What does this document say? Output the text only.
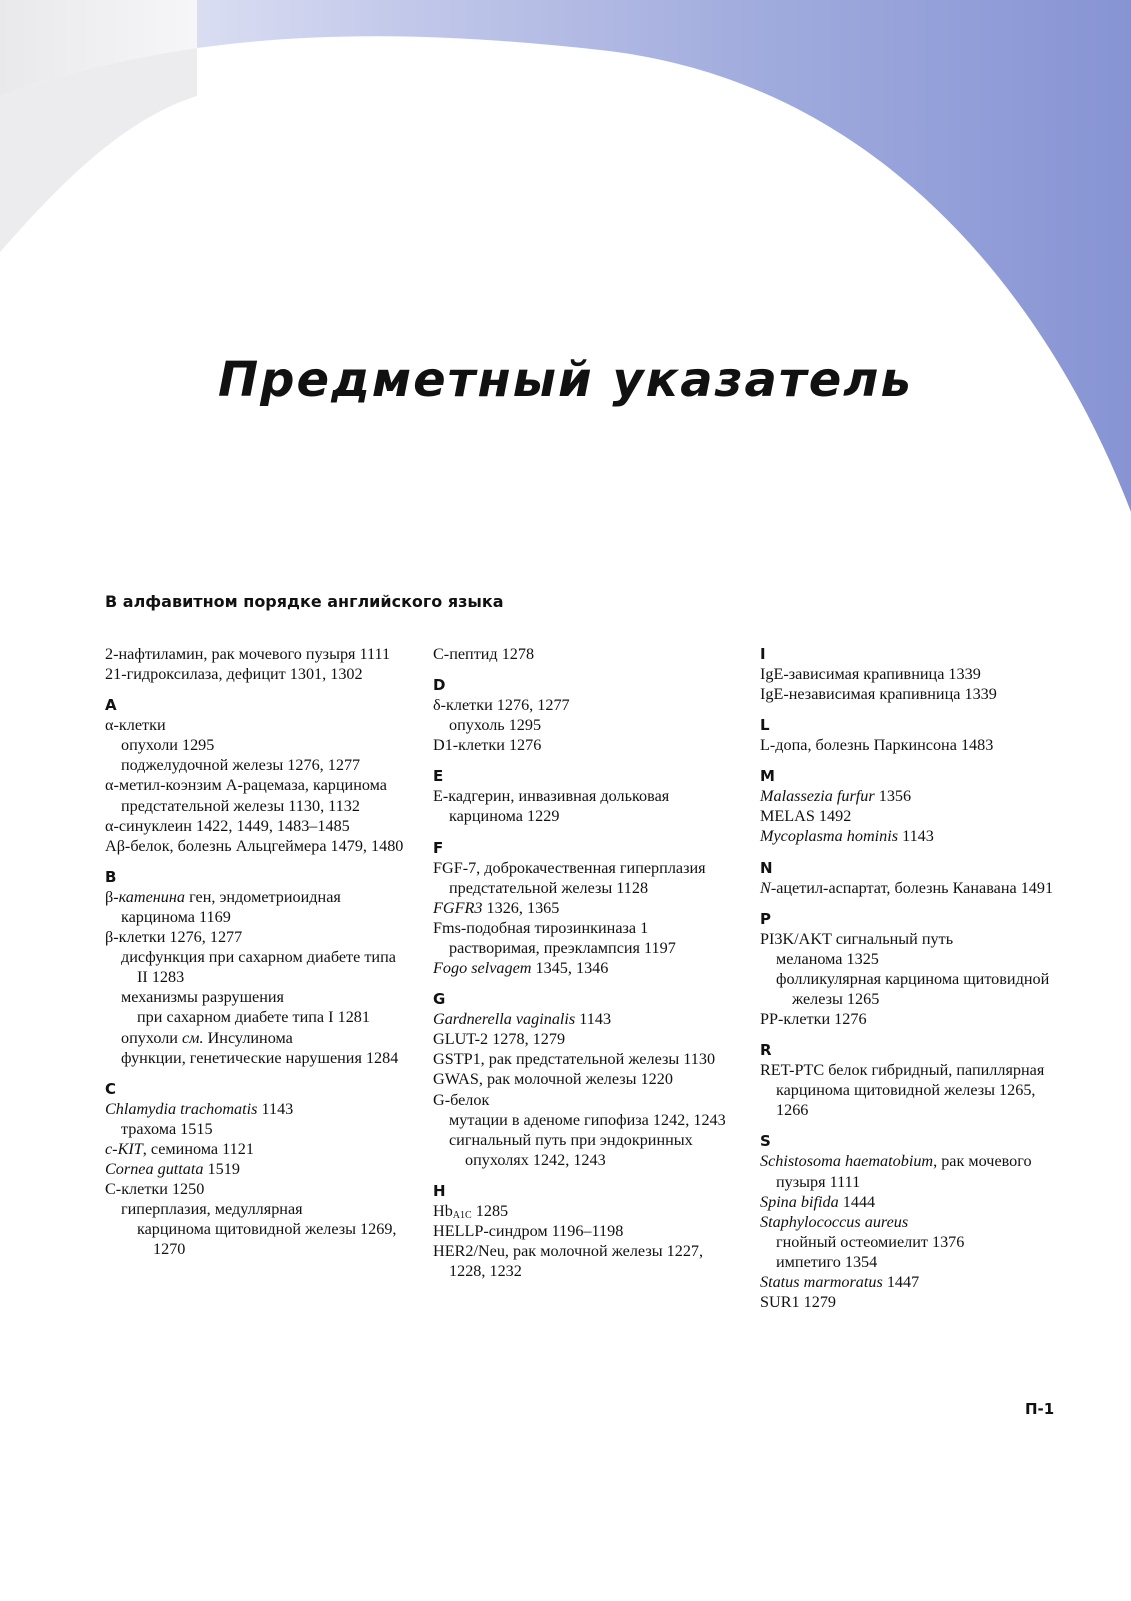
Предметный указатель
В алфавитном порядке английского языка
2-нафтиламин, рак мочевого пузыря 1111
21-гидроксилаза, дефицит 1301, 1302
A
α-клетки
опухоли 1295
поджелудочной железы 1276, 1277
α-метил-коэнзим А-рацемаза, карцинома предстательной железы 1130, 1132
α-синуклеин 1422, 1449, 1483–1485
Aβ-белок, болезнь Альцгеймера 1479, 1480
B
β-катенина ген, эндометриоидная карцинома 1169
β-клетки 1276, 1277
дисфункция при сахарном диабете типа II 1283
механизмы разрушения
при сахарном диабете типа I 1281
опухоли см. Инсулинома
функции, генетические нарушения 1284
C
Chlamydia trachomatis 1143
трахома 1515
c-KIT, семинома 1121
Cornea guttata 1519
C-клетки 1250
гиперплазия, медуллярная
карцинома щитовидной железы 1269, 1270
C-пептид 1278
D
δ-клетки 1276, 1277
опухоль 1295
D1-клетки 1276
E
Е-кадгерин, инвазивная дольковая карцинома 1229
F
FGF-7, доброкачественная гиперплазия предстательной железы 1128
FGFR3 1326, 1365
Fms-подобная тирозинкиназа 1 растворимая, преэклампсия 1197
Fogo selvagem 1345, 1346
G
Gardnerella vaginalis 1143
GLUT-2 1278, 1279
GSTP1, рак предстательной железы 1130
GWAS, рак молочной железы 1220
G-белок
мутации в аденоме гипофиза 1242, 1243
сигнальный путь при эндокринных опухолях 1242, 1243
H
$Hb_{A1C}$ 1285
HELLP-синдром 1196–1198
HER2/Neu, рак молочной железы 1227, 1228, 1232
I
IgE-зависимая крапивница 1339
IgE-независимая крапивница 1339
L
L-допа, болезнь Паркинсона 1483
M
Malassezia furfur 1356
MELAS 1492
Mycoplasma hominis 1143
N
N-ацетил-аспартат, болезнь Канавана 1491
P
PI3K/AKT сигнальный путь
меланома 1325
фолликулярная карцинома щитовидной железы 1265
PP-клетки 1276
R
RET-PTC белок гибридный, папиллярная карцинома щитовидной железы 1265, 1266
S
Schistosoma haematobium, рак мочевого пузыря 1111
Spina bifida 1444
Staphylococcus aureus
гнойный остеомиелит 1376
импетиго 1354
Status marmoratus 1447
SUR1 1279

П-1
